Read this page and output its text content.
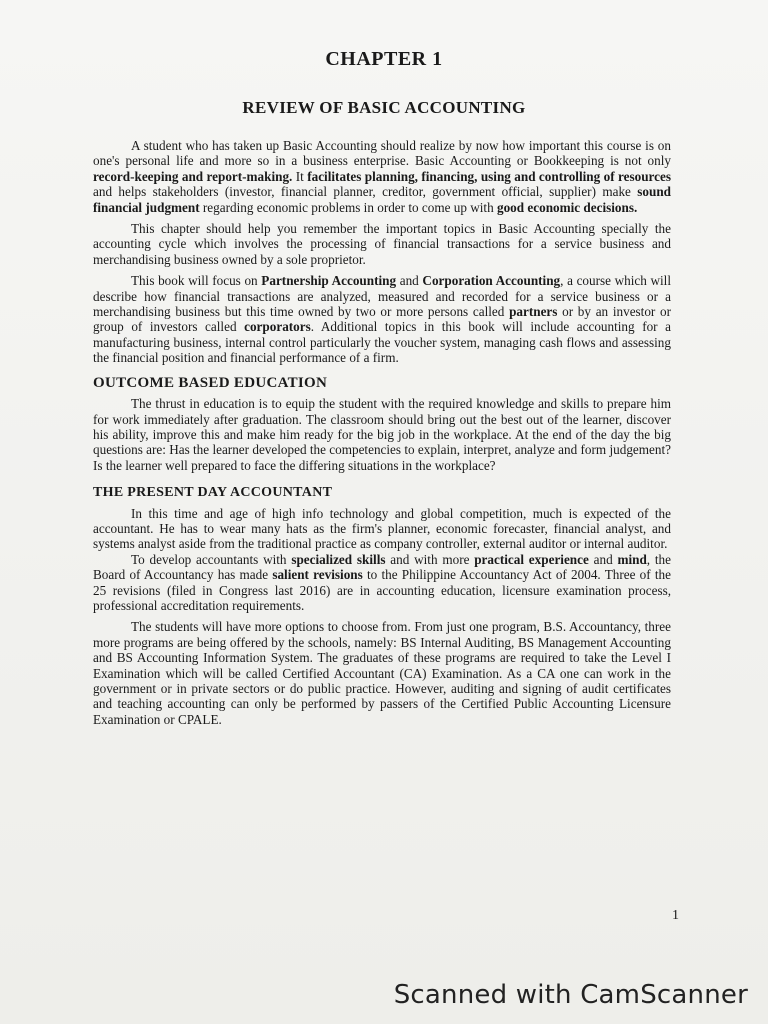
CHAPTER 1
REVIEW OF BASIC ACCOUNTING

A student who has taken up Basic Accounting should realize by now how important this course is on one's personal life and more so in a business enterprise. Basic Accounting or Bookkeeping is not only record-keeping and report-making. It facilitates planning, financing, using and controlling of resources and helps stakeholders (investor, financial planner, creditor, government official, supplier) make sound financial judgment regarding economic problems in order to come up with good economic decisions.

This chapter should help you remember the important topics in Basic Accounting specially the accounting cycle which involves the processing of financial transactions for a service business and merchandising business owned by a sole proprietor.

This book will focus on Partnership Accounting and Corporation Accounting, a course which will describe how financial transactions are analyzed, measured and recorded for a service business or a merchandising business but this time owned by two or more persons called partners or by an investor or group of investors called corporators. Additional topics in this book will include accounting for a manufacturing business, internal control particularly the voucher system, managing cash flows and assessing the financial position and financial performance of a firm.

OUTCOME BASED EDUCATION

The thrust in education is to equip the student with the required knowledge and skills to prepare him for work immediately after graduation. The classroom should bring out the best out of the learner, discover his ability, improve this and make him ready for the big job in the workplace. At the end of the day the big questions are: Has the learner developed the competencies to explain, interpret, analyze and form judgement? Is the learner well prepared to face the differing situations in the workplace?

THE PRESENT DAY ACCOUNTANT

In this time and age of high info technology and global competition, much is expected of the accountant. He has to wear many hats as the firm's planner, economic forecaster, financial analyst, and systems analyst aside from the traditional practice as company controller, external auditor or internal auditor.

To develop accountants with specialized skills and with more practical experience and mind, the Board of Accountancy has made salient revisions to the Philippine Accountancy Act of 2004. Three of the 25 revisions (filed in Congress last 2016) are in accounting education, licensure examination process, professional accreditation requirements.

The students will have more options to choose from. From just one program, B.S. Accountancy, three more programs are being offered by the schools, namely: BS Internal Auditing, BS Management Accounting and BS Accounting Information System. The graduates of these programs are required to take the Level I Examination which will be called Certified Accountant (CA) Examination. As a CA one can work in the government or in private sectors or do public practice. However, auditing and signing of audit certificates and teaching accounting can only be performed by passers of the Certified Public Accounting Licensure Examination or CPALE.

1
Scanned with CamScanner
